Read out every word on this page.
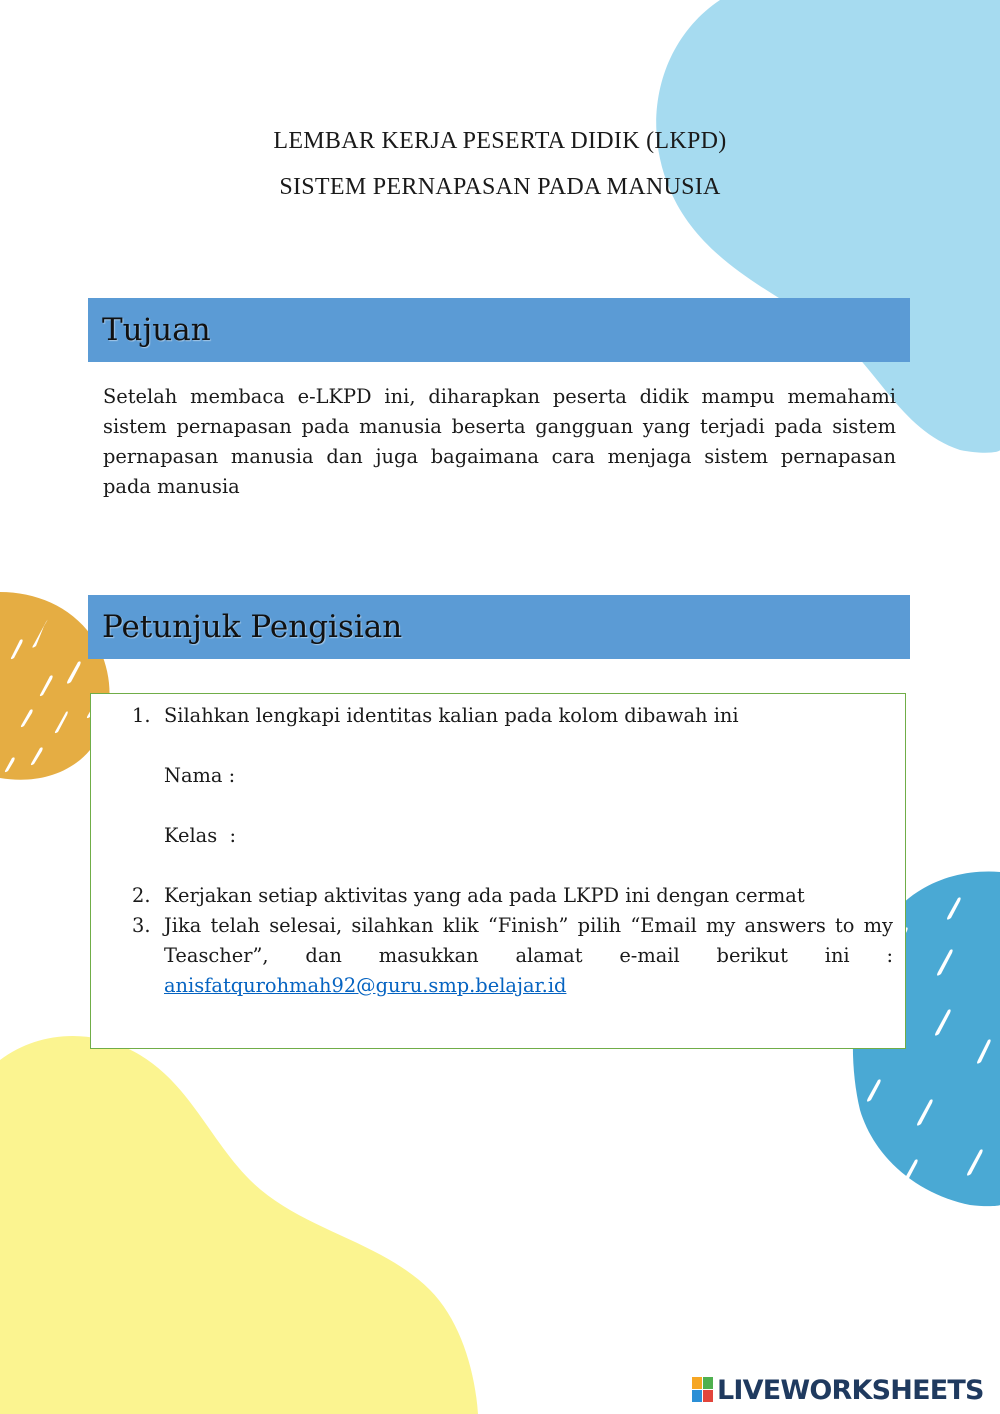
LEMBAR KERJA PESERTA DIDIK (LKPD)
SISTEM PERNAPASAN PADA MANUSIA
Tujuan
Setelah membaca e-LKPD ini, diharapkan peserta didik mampu memahami sistem pernapasan pada manusia beserta gangguan yang terjadi pada sistem pernapasan manusia dan juga bagaimana cara menjaga sistem pernapasan pada manusia
Petunjuk Pengisian
1. Silahkan lengkapi identitas kalian pada kolom dibawah ini
Nama :
Kelas  :
2. Kerjakan setiap aktivitas yang ada pada LKPD ini dengan cermat
3. Jika telah selesai, silahkan klik “Finish” pilih “Email my answers to my Teascher”, dan masukkan alamat e-mail berikut ini : anisfatqurohmah92@guru.smp.belajar.id
LIVEWORKSHEETS
